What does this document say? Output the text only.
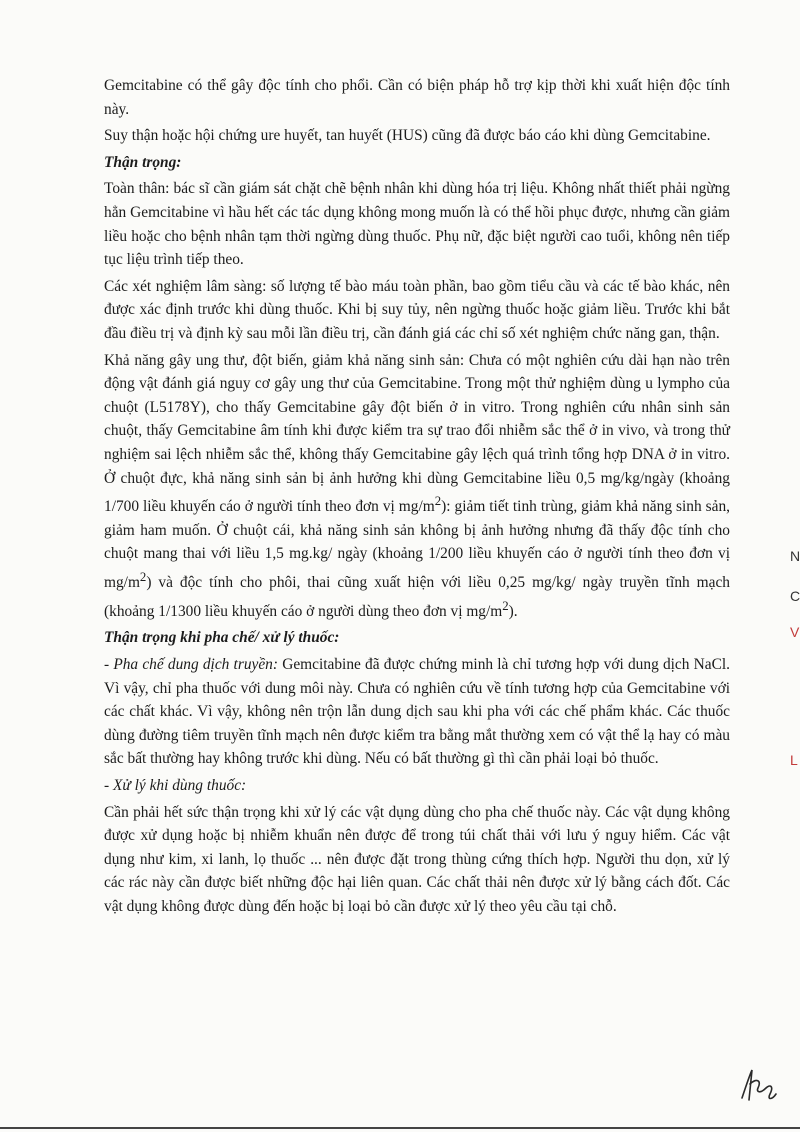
Gemcitabine có thể gây độc tính cho phổi. Cần có biện pháp hỗ trợ kịp thời khi xuất hiện độc tính này.

Suy thận hoặc hội chứng ure huyết, tan huyết (HUS) cũng đã được báo cáo khi dùng Gemcitabine.

Thận trọng:

Toàn thân: bác sĩ cần giám sát chặt chẽ bệnh nhân khi dùng hóa trị liệu. Không nhất thiết phải ngừng hẳn Gemcitabine vì hầu hết các tác dụng không mong muốn là có thể hồi phục được, nhưng cần giảm liều hoặc cho bệnh nhân tạm thời ngừng dùng thuốc. Phụ nữ, đặc biệt người cao tuổi, không nên tiếp tục liệu trình tiếp theo.

Các xét nghiệm lâm sàng: số lượng tế bào máu toàn phần, bao gồm tiểu cầu và các tế bào khác, nên được xác định trước khi dùng thuốc. Khi bị suy tủy, nên ngừng thuốc hoặc giảm liều. Trước khi bắt đầu điều trị và định kỳ sau mỗi lần điều trị, cần đánh giá các chỉ số xét nghiệm chức năng gan, thận.

Khả năng gây ung thư, đột biến, giảm khả năng sinh sản: Chưa có một nghiên cứu dài hạn nào trên động vật đánh giá nguy cơ gây ung thư của Gemcitabine. Trong một thử nghiệm dùng u lympho của chuột (L5178Y), cho thấy Gemcitabine gây đột biến ở in vitro. Trong nghiên cứu nhân sinh sản chuột, thấy Gemcitabine âm tính khi được kiểm tra sự trao đổi nhiễm sắc thể ở in vivo, và trong thử nghiệm sai lệch nhiễm sắc thể, không thấy Gemcitabine gây lệch quá trình tổng hợp DNA ở in vitro. Ở chuột đực, khả năng sinh sản bị ảnh hưởng khi dùng Gemcitabine liều 0,5 mg/kg/ngày (khoảng 1/700 liều khuyến cáo ở người tính theo đơn vị $mg/m^2$): giảm tiết tinh trùng, giảm khả năng sinh sản, giảm ham muốn. Ở chuột cái, khả năng sinh sản không bị ảnh hưởng nhưng đã thấy độc tính cho chuột mang thai với liều 1,5 mg.kg/ ngày (khoảng 1/200 liều khuyến cáo ở người tính theo đơn vị $mg/m^2$) và độc tính cho phôi, thai cũng xuất hiện với liều 0,25 mg/kg/ ngày truyền tĩnh mạch (khoảng 1/1300 liều khuyến cáo ở người dùng theo đơn vị $mg/m^2$).

Thận trọng khi pha chế/ xử lý thuốc:

- Pha chế dung dịch truyền: Gemcitabine đã được chứng minh là chỉ tương hợp với dung dịch NaCl. Vì vậy, chỉ pha thuốc với dung môi này. Chưa có nghiên cứu về tính tương hợp của Gemcitabine với các chất khác. Vì vậy, không nên trộn lẫn dung dịch sau khi pha với các chế phẩm khác. Các thuốc dùng đường tiêm truyền tĩnh mạch nên được kiểm tra bằng mắt thường xem có vật thể lạ hay có màu sắc bất thường hay không trước khi dùng. Nếu có bất thường gì thì cần phải loại bỏ thuốc.

- Xử lý khi dùng thuốc:

Cần phải hết sức thận trọng khi xử lý các vật dụng dùng cho pha chế thuốc này. Các vật dụng không được xử dụng hoặc bị nhiễm khuẩn nên được để trong túi chất thải với lưu ý nguy hiểm. Các vật dụng như kim, xi lanh, lọ thuốc ... nên được đặt trong thùng cứng thích hợp. Người thu dọn, xử lý các rác này cần được biết những độc hại liên quan. Các chất thải nên được xử lý bằng cách đốt. Các vật dụng không được dùng đến hoặc bị loại bỏ cần được xử lý theo yêu cầu tại chỗ.

N
C
V
L
